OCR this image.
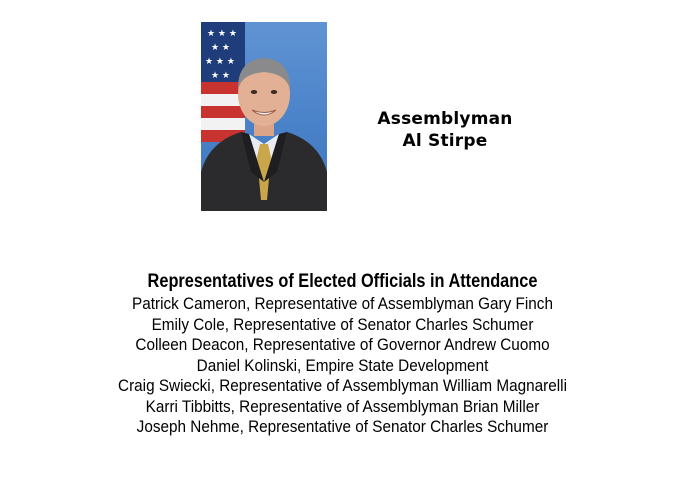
★ ★ ★
★ ★
★ ★ ★
★ ★
Assemblyman
Al Stirpe
Representatives of Elected Officials in Attendance
Patrick Cameron, Representative of Assemblyman Gary Finch
Emily Cole, Representative of Senator Charles Schumer
Colleen Deacon, Representative of Governor Andrew Cuomo
Daniel Kolinski, Empire State Development
Craig Swiecki, Representative of Assemblyman William Magnarelli
Karri Tibbitts, Representative of Assemblyman Brian Miller
Joseph Nehme, Representative of Senator Charles Schumer
